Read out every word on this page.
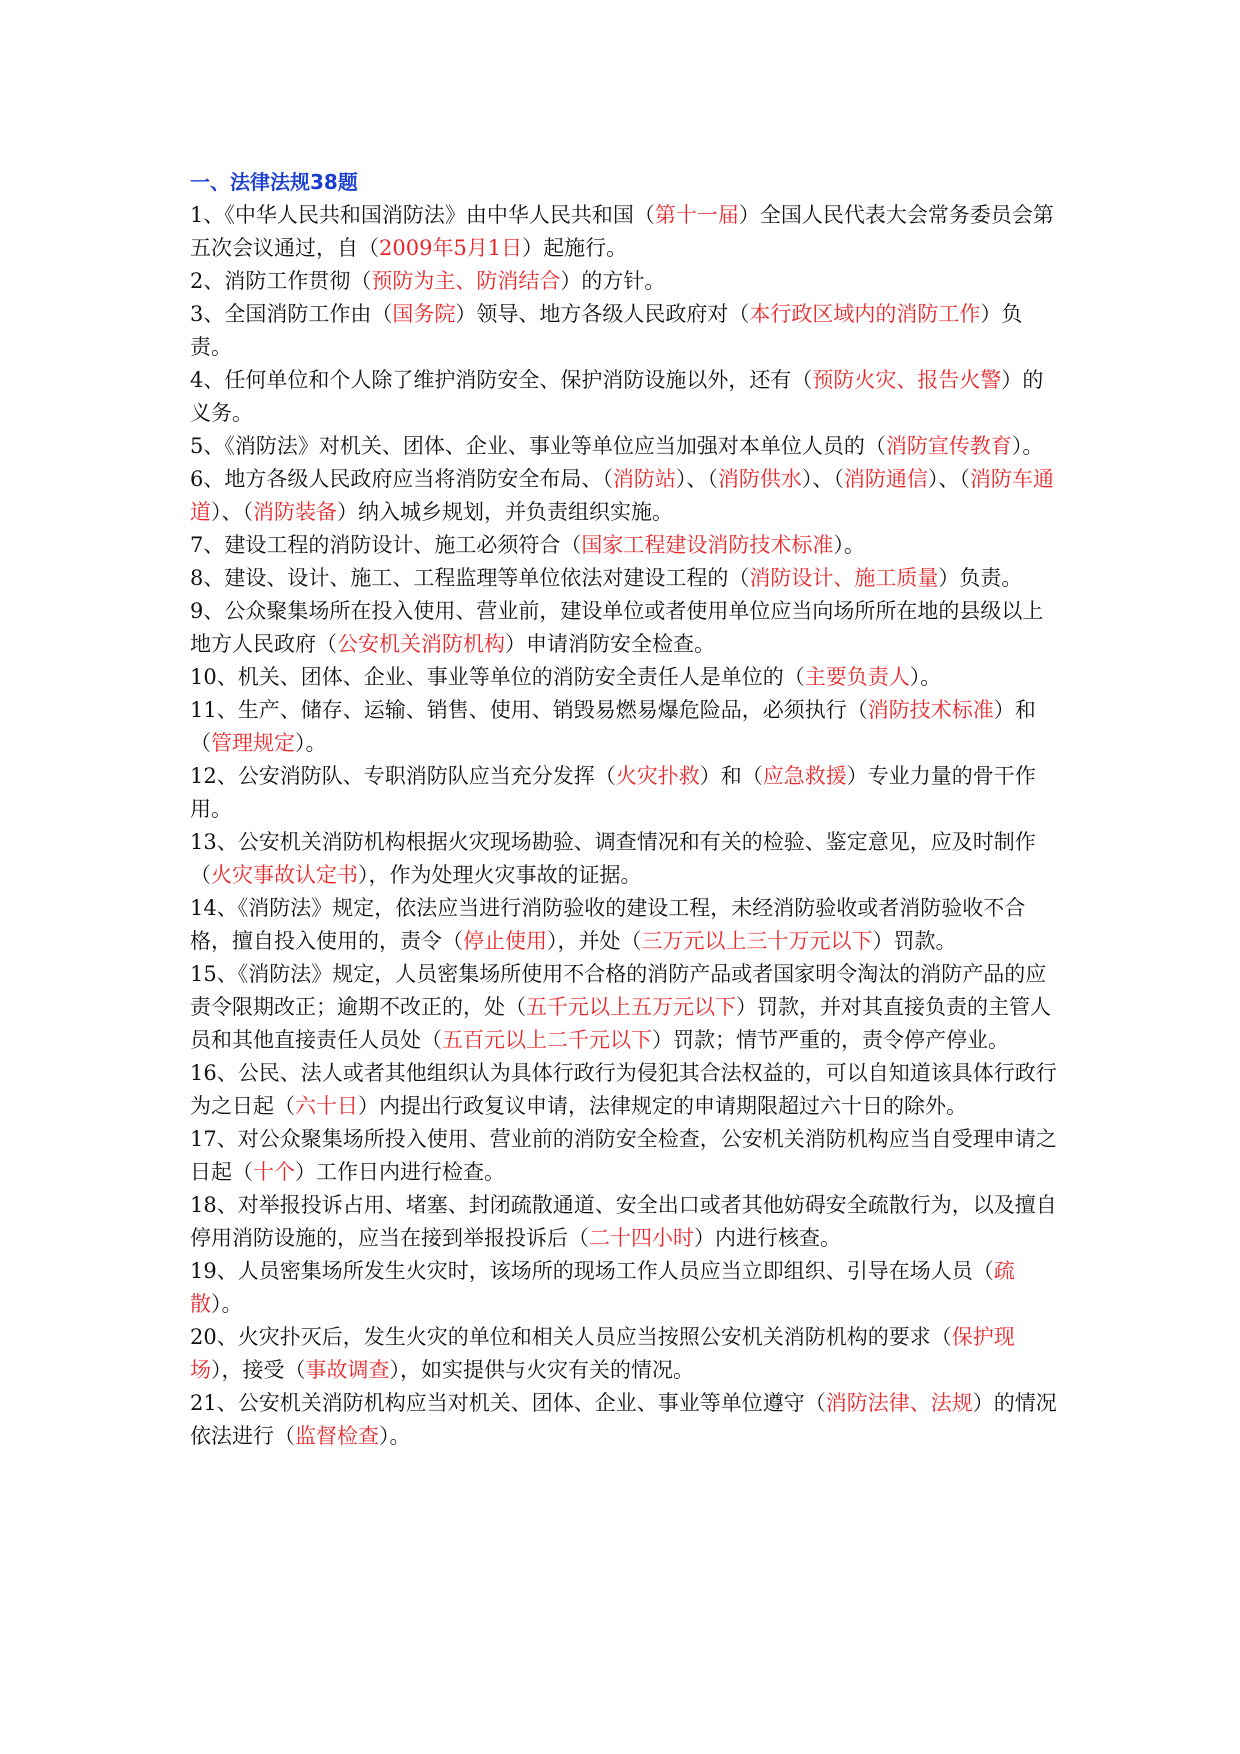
一、法律法规38题

1、《中华人民共和国消防法》由中华人民共和国（第十一届）全国人民代表大会常务委员会第五次会议通过，自（2009年5月1日）起施行。

2、消防工作贯彻（预防为主、防消结合）的方针。

3、全国消防工作由（国务院）领导、地方各级人民政府对（本行政区域内的消防工作）负责。

4、任何单位和个人除了维护消防安全、保护消防设施以外，还有（预防火灾、报告火警）的义务。

5、《消防法》对机关、团体、企业、事业等单位应当加强对本单位人员的（消防宣传教育）。

6、地方各级人民政府应当将消防安全布局、（消防站）、（消防供水）、（消防通信）、（消防车通道）、（消防装备）纳入城乡规划，并负责组织实施。

7、建设工程的消防设计、施工必须符合（国家工程建设消防技术标准）。

8、建设、设计、施工、工程监理等单位依法对建设工程的（消防设计、施工质量）负责。

9、公众聚集场所在投入使用、营业前，建设单位或者使用单位应当向场所所在地的县级以上地方人民政府（公安机关消防机构）申请消防安全检查。

10、机关、团体、企业、事业等单位的消防安全责任人是单位的（主要负责人）。

11、生产、储存、运输、销售、使用、销毁易燃易爆危险品，必须执行（消防技术标准）和（管理规定）。

12、公安消防队、专职消防队应当充分发挥（火灾扑救）和（应急救援）专业力量的骨干作用。

13、公安机关消防机构根据火灾现场勘验、调查情况和有关的检验、鉴定意见，应及时制作（火灾事故认定书），作为处理火灾事故的证据。

14、《消防法》规定，依法应当进行消防验收的建设工程，未经消防验收或者消防验收不合格，擅自投入使用的，责令（停止使用），并处（三万元以上三十万元以下）罚款。

15、《消防法》规定，人员密集场所使用不合格的消防产品或者国家明令淘汰的消防产品的应责令限期改正；逾期不改正的，处（五千元以上五万元以下）罚款，并对其直接负责的主管人员和其他直接责任人员处（五百元以上二千元以下）罚款；情节严重的，责令停产停业。

16、公民、法人或者其他组织认为具体行政行为侵犯其合法权益的，可以自知道该具体行政行为之日起（六十日）内提出行政复议申请，法律规定的申请期限超过六十日的除外。

17、对公众聚集场所投入使用、营业前的消防安全检查，公安机关消防机构应当自受理申请之日起（十个）工作日内进行检查。

18、对举报投诉占用、堵塞、封闭疏散通道、安全出口或者其他妨碍安全疏散行为，以及擅自停用消防设施的，应当在接到举报投诉后（二十四小时）内进行核查。

19、人员密集场所发生火灾时，该场所的现场工作人员应当立即组织、引导在场人员（疏散）。

20、火灾扑灭后，发生火灾的单位和相关人员应当按照公安机关消防机构的要求（保护现场），接受（事故调查），如实提供与火灾有关的情况。

21、公安机关消防机构应当对机关、团体、企业、事业等单位遵守（消防法律、法规）的情况依法进行（监督检查）。
